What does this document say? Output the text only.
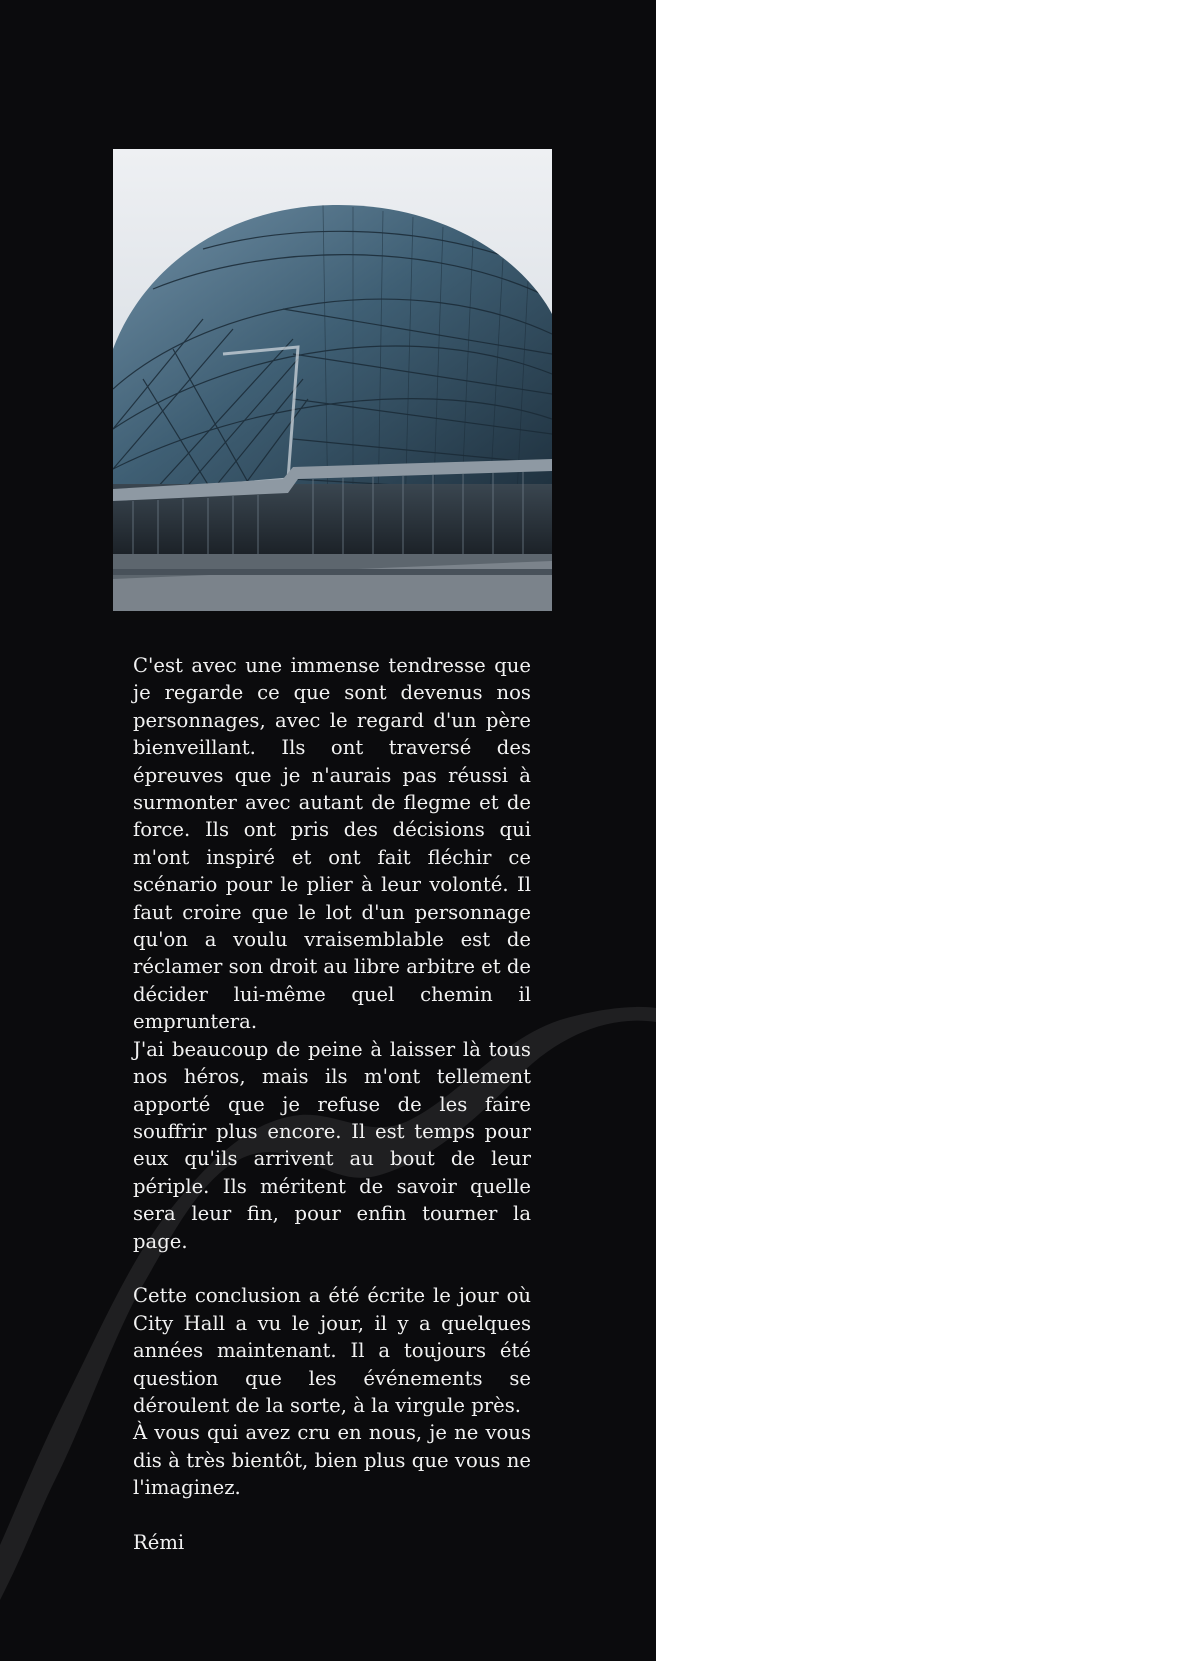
C'est avec une immense tendresse que je regarde ce que sont devenus nos personnages, avec le regard d'un père bienveillant. Ils ont traversé des épreuves que je n'aurais pas réussi à surmonter avec autant de flegme et de force. Ils ont pris des décisions qui m'ont inspiré et ont fait fléchir ce scénario pour le plier à leur volonté. Il faut croire que le lot d'un personnage qu'on a voulu vraisemblable est de réclamer son droit au libre arbitre et de décider lui-même quel chemin il empruntera.

J'ai beaucoup de peine à laisser là tous nos héros, mais ils m'ont tellement apporté que je refuse de les faire souffrir plus encore. Il est temps pour eux qu'ils arrivent au bout de leur périple. Ils méritent de savoir quelle sera leur fin, pour enfin tourner la page.

Cette conclusion a été écrite le jour où City Hall a vu le jour, il y a quelques années maintenant. Il a toujours été question que les événements se déroulent de la sorte, à la virgule près.

À vous qui avez cru en nous, je ne vous dis à très bientôt, bien plus que vous ne l'imaginez.

Rémi
